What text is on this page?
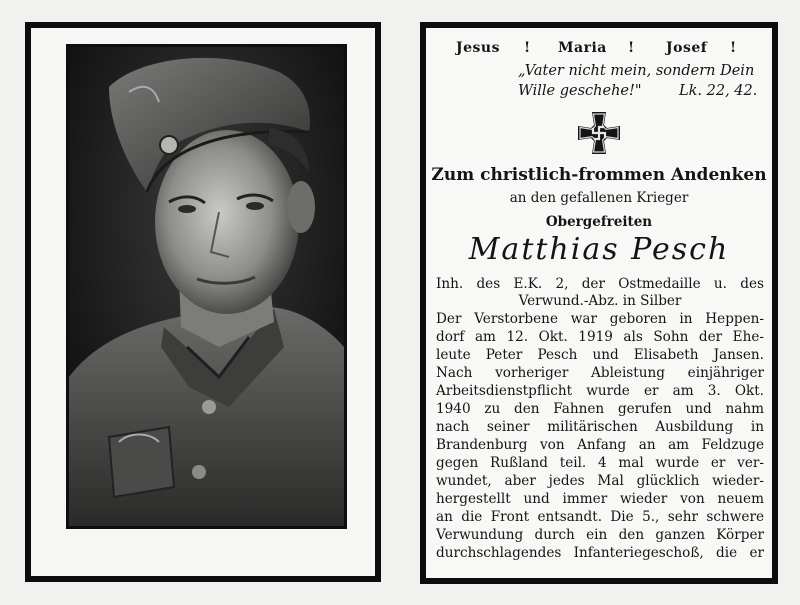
Jesus ! Maria ! Josef !
„Vater nicht mein, sondern Dein
Wille geschehe!"	Lk. 22, 42.
Zum christlich-frommen Andenken
an den gefallenen Krieger
Obergefreiten
Matthias Pesch
Inh. des E.K. 2, der Ostmedaille u. des
Verwund.-Abz. in Silber
Der Verstorbene war geboren in Heppen-
dorf am 12. Okt. 1919 als Sohn der Ehe-
leute Peter Pesch und Elisabeth Jansen.
Nach vorheriger Ableistung einjähriger
Arbeitsdienstpflicht wurde er am 3. Okt.
1940 zu den Fahnen gerufen und nahm
nach seiner militärischen Ausbildung in
Brandenburg von Anfang an am Feldzuge
gegen Rußland teil. 4 mal wurde er ver-
wundet, aber jedes Mal glücklich wieder-
hergestellt und immer wieder von neuem
an die Front entsandt. Die 5., sehr schwere
Verwundung durch ein den ganzen Körper
durchschlagendes Infanteriegeschoß, die er
